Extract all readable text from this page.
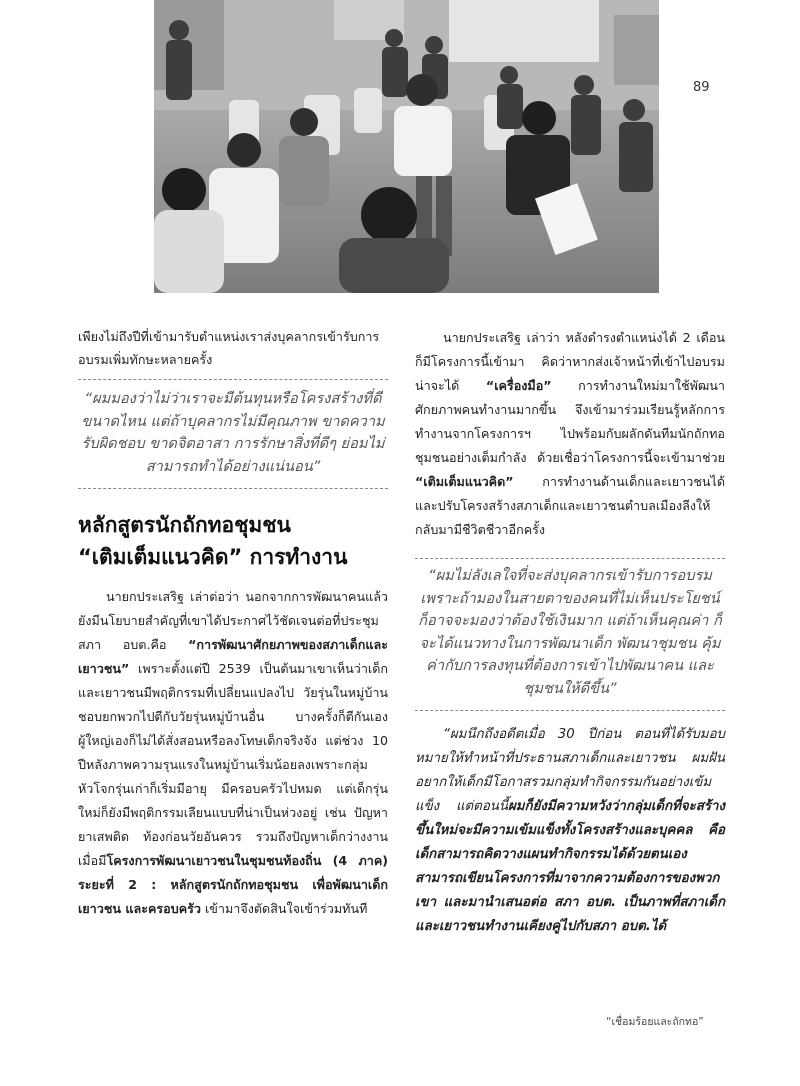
89

เพียงไม่ถึงปีที่เข้ามารับตำแหน่งเราส่งบุคลากรเข้ารับการอบรมเพิ่มทักษะหลายครั้ง

“ผมมองว่าไม่ว่าเราจะมีต้นทุนหรือโครงสร้างที่ดีขนาดไหน แต่ถ้าบุคลากรไม่มีคุณภาพ ขาดความรับผิดชอบ ขาดจิตอาสา การรักษาสิ่งที่ดีๆ ย่อมไม่สามารถทำได้อย่างแน่นอน”

หลักสูตรนักถักทอชุมชน
“เติมเต็มแนวคิด” การทำงาน

นายกประเสริฐ เล่าต่อว่า นอกจากการพัฒนาคนแล้ว ยังมีนโยบายสำคัญที่เขาได้ประกาศไว้ชัดเจนต่อที่ประชุมสภา อบต.คือ “การพัฒนาศักยภาพของสภาเด็กและเยาวชน” เพราะตั้งแต่ปี 2539 เป็นต้นมาเขาเห็นว่าเด็กและเยาวชนมีพฤติกรรมที่เปลี่ยนแปลงไป วัยรุ่นในหมู่บ้านชอบยกพวกไปตีกับวัยรุ่นหมู่บ้านอื่น บางครั้งก็ตีกันเอง ผู้ใหญ่เองก็ไม่ได้สั่งสอนหรือลงโทษเด็กจริงจัง แต่ช่วง 10 ปีหลังภาพความรุนแรงในหมู่บ้านเริ่มน้อยลงเพราะกลุ่มหัวโจกรุ่นเก่าก็เริ่มมีอายุ มีครอบครัวไปหมด แต่เด็กรุ่นใหม่ก็ยังมีพฤติกรรมเลียนแบบที่น่าเป็นห่วงอยู่ เช่น ปัญหายาเสพติด ท้องก่อนวัยอันควร รวมถึงปัญหาเด็กว่างงาน เมื่อมีโครงการพัฒนาเยาวชนในชุมชนท้องถิ่น (4 ภาค) ระยะที่ 2 : หลักสูตรนักถักทอชุมชน เพื่อพัฒนาเด็ก เยาวชน และครอบครัว เข้ามาจึงตัดสินใจเข้าร่วมทันที

นายกประเสริฐ เล่าว่า หลังดำรงตำแหน่งได้ 2 เดือน ก็มีโครงการนี้เข้ามา คิดว่าหากส่งเจ้าหน้าที่เข้าไปอบรมน่าจะได้ “เครื่องมือ” การทำงานใหม่มาใช้พัฒนาศักยภาพคนทำงานมากขึ้น จึงเข้ามาร่วมเรียนรู้หลักการทำงานจากโครงการฯ ไปพร้อมกับผลักดันทีมนักถักทอชุมชนอย่างเต็มกำลัง ด้วยเชื่อว่าโครงการนี้จะเข้ามาช่วย “เติมเต็มแนวคิด” การทำงานด้านเด็กและเยาวชนได้ และปรับโครงสร้างสภาเด็กและเยาวชนตำบลเมืองลีงให้กลับมามีชีวิตชีวาอีกครั้ง

“ผมไม่ลังเลใจที่จะส่งบุคลากรเข้ารับการอบรม เพราะถ้ามองในสายตาของคนที่ไม่เห็นประโยชน์ ก็อาจจะมองว่าต้องใช้เงินมาก แต่ถ้าเห็นคุณค่า ก็จะได้แนวทางในการพัฒนาเด็ก พัฒนาชุมชน คุ้มค่ากับการลงทุนที่ต้องการเข้าไปพัฒนาคน และชุมชนให้ดีขึ้น”

“ผมนึกถึงอดีตเมื่อ 30 ปีก่อน ตอนที่ได้รับมอบหมายให้ทำหน้าที่ประธานสภาเด็กและเยาวชน ผมฝันอยากให้เด็กมีโอกาสรวมกลุ่มทำกิจกรรมกันอย่างเข้มแข็ง แต่ตอนนี้ผมก็ยังมีความหวังว่ากลุ่มเด็กที่จะสร้างขึ้นใหม่จะมีความเข้มแข็งทั้งโครงสร้างและบุคคล คือ เด็กสามารถคิดวางแผนทำกิจกรรมได้ด้วยตนเอง สามารถเขียนโครงการที่มาจากความต้องการของพวกเขา และมานำเสนอต่อ สภา อบต. เป็นภาพที่สภาเด็กและเยาวชนทำงานเคียงคู่ไปกับสภา อบต.ได้

“เชื่อมร้อยและถักทอ”
